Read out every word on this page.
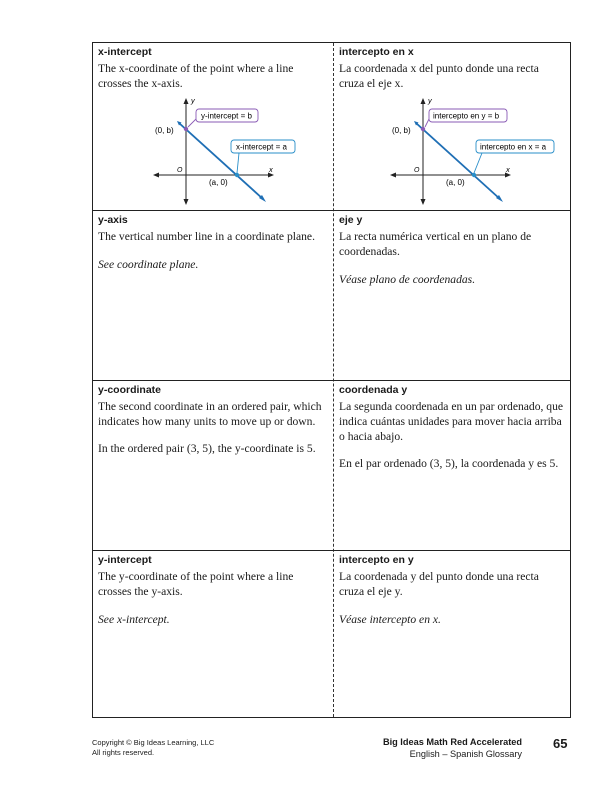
x-intercept

The x-coordinate of the point where a line crosses the x-axis.

intercepto en x

La coordenada x del punto donde una recta cruza el eje x.

y
x
O
(0, b)
(a, 0)
y-intercept = b
x-intercept = a
y
x
O
(0, b)
(a, 0)
intercepto en y = b
intercepto en x = a

y-axis

The vertical number line in a coordinate plane.

See coordinate plane.

eje y

La recta numérica vertical en un plano de coordenadas.

Véase plano de coordenadas.

y-coordinate

The second coordinate in an ordered pair, which indicates how many units to move up or down.

In the ordered pair (3, 5), the y-coordinate is 5.

coordenada y

La segunda coordenada en un par ordenado, que indica cuántas unidades para mover hacia arriba o hacia abajo.

En el par ordenado (3, 5), la coordenada y es 5.

y-intercept

The y-coordinate of the point where a line crosses the y-axis.

See x-intercept.

intercepto en y

La coordenada y del punto donde una recta cruza el eje y.

Véase intercepto en x.

Copyright © Big Ideas Learning, LLC
All rights reserved.
Big Ideas Math Red Accelerated
English – Spanish Glossary
65
